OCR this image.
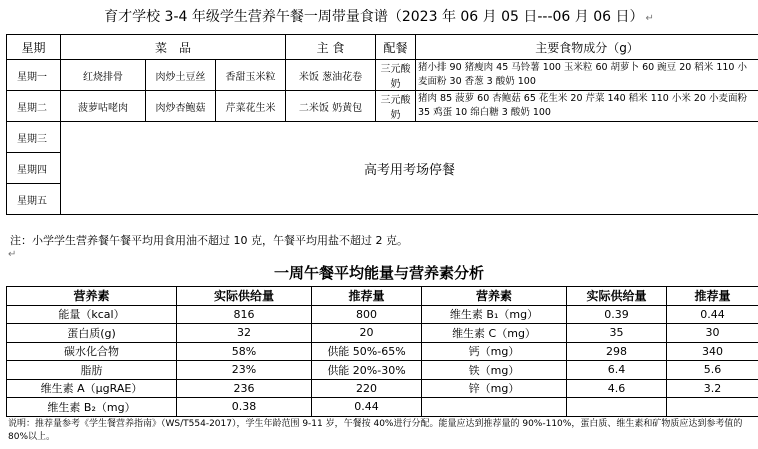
育才学校 3-4 年级学生营养午餐一周带量食谱（2023 年 06 月 05 日---06 月 06 日） ↵
星期	菜　品			主 食	配餐	主要食物成分（g）
星期一	红烧排骨	肉炒土豆丝	香甜玉米粒	米饭 葱油花卷	三元酸奶	猪小排 90 猪瘦肉 45 马铃薯 100 玉米粒 60 胡萝卜 60 豌豆 20 稻米 110 小麦面粉 30 香葱 3 酸奶 100
星期二	菠萝咕咾肉	肉炒杏鲍菇	芹菜花生米	二米饭 奶黄包	三元酸奶	猪肉 85 菠萝 60 杏鲍菇 65 花生米 20 芹菜 140 稻米 110 小米 20 小麦面粉 35 鸡蛋 10 绵白糖 3 酸奶 100
星期三	高考用考场停餐					
星期四						
星期五						
注：小学学生营养餐午餐平均用食用油不超过 10 克，午餐平均用盐不超过 2 克。
↵
一周午餐平均能量与营养素分析
营养素	实际供给量	推荐量	营养素	实际供给量	推荐量
能量（kcal）	816	800	维生素 B₁（mg）	0.39	0.44
蛋白质(g)	32	20	维生素 C（mg）	35	30
碳水化合物	58%	供能 50%-65%	钙（mg）	298	340
脂肪	23%	供能 20%-30%	铁（mg）	6.4	5.6
维生素 A（μgRAE）	236	220	锌（mg）	4.6	3.2
维生素 B₂（mg）	0.38	0.44			
说明：推荐量参考《学生餐营养指南》（WS/T554-2017），学生年龄范围 9-11 岁，午餐按 40%进行分配。能量应达到推荐量的 90%-110%，蛋白质、维生素和矿物质应达到参考值的 80%以上。
